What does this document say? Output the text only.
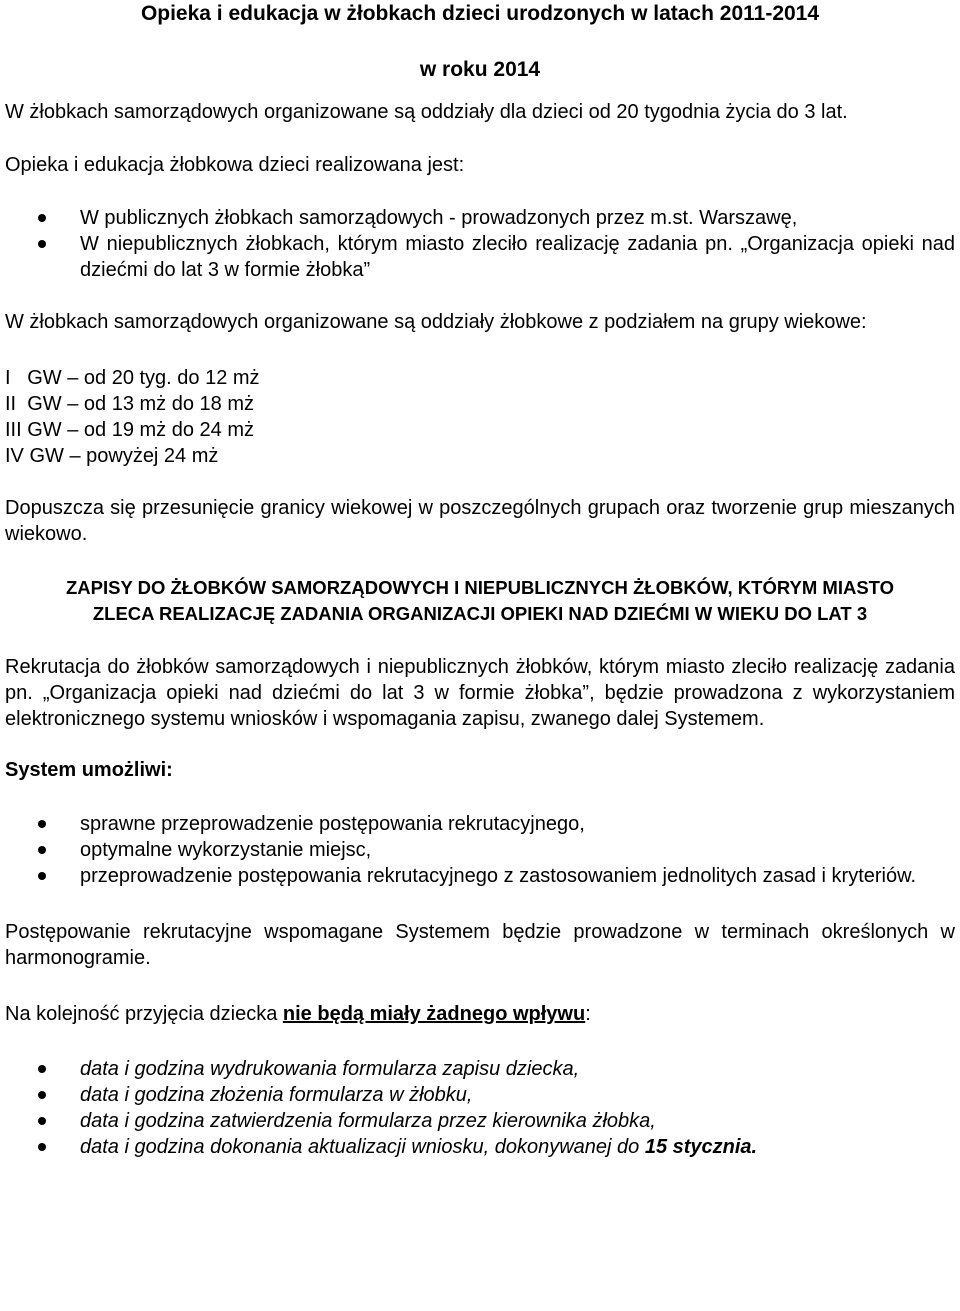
Opieka i edukacja w żłobkach dzieci urodzonych w latach 2011-2014
w roku 2014

W żłobkach samorządowych organizowane są oddziały dla dzieci od 20 tygodnia życia do 3 lat.

Opieka i edukacja żłobkowa dzieci realizowana jest:

W publicznych żłobkach samorządowych - prowadzonych przez m.st. Warszawę,
W niepublicznych żłobkach, którym miasto zleciło realizację zadania pn. „Organizacja opieki nad dziećmi do lat 3 w formie żłobka”

W żłobkach samorządowych organizowane są oddziały żłobkowe z podziałem na grupy wiekowe:

I   GW – od 20 tyg. do 12 mż
II  GW – od 13 mż do 18 mż
III GW – od 19 mż do 24 mż
IV GW – powyżej 24 mż

Dopuszcza się przesunięcie granicy wiekowej w poszczególnych grupach oraz tworzenie grup mieszanych wiekowo.

ZAPISY DO ŻŁOBKÓW SAMORZĄDOWYCH I NIEPUBLICZNYCH ŻŁOBKÓW, KTÓRYM MIASTO
ZLECA REALIZACJĘ ZADANIA ORGANIZACJI OPIEKI NAD DZIEĆMI W WIEKU DO LAT 3

Rekrutacja do żłobków samorządowych i niepublicznych żłobków, którym miasto zleciło realizację zadania pn. „Organizacja opieki nad dziećmi do lat 3 w formie żłobka”, będzie prowadzona z wykorzystaniem elektronicznego systemu wniosków i wspomagania zapisu, zwanego dalej Systemem.

System umożliwi:

sprawne przeprowadzenie postępowania rekrutacyjnego,
optymalne wykorzystanie miejsc,
przeprowadzenie postępowania rekrutacyjnego z zastosowaniem jednolitych zasad i kryteriów.

Postępowanie rekrutacyjne wspomagane Systemem będzie prowadzone w terminach określonych w harmonogramie.

Na kolejność przyjęcia dziecka nie będą miały żadnego wpływu:

data i godzina wydrukowania formularza zapisu dziecka,
data i godzina złożenia formularza w żłobku,
data i godzina zatwierdzenia formularza przez kierownika żłobka,
data i godzina dokonania aktualizacji wniosku, dokonywanej do 15 stycznia.
